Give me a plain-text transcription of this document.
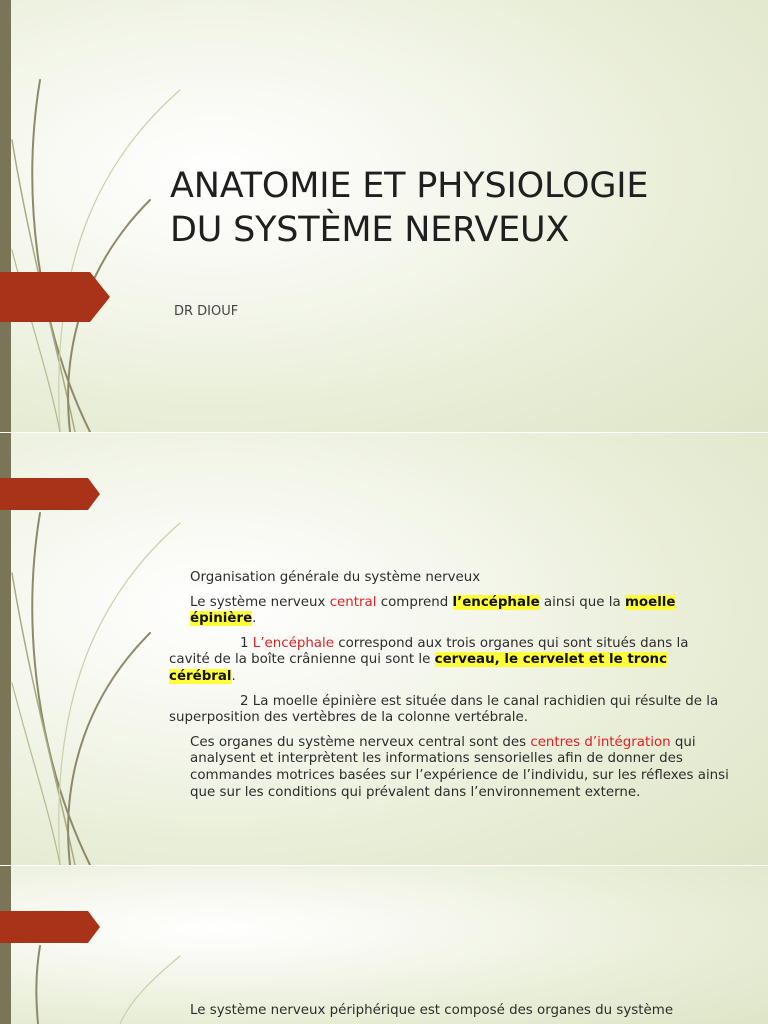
ANATOMIE ET PHYSIOLOGIE
DU SYSTÈME NERVEUX

DR DIOUF

Organisation générale du système nerveux

Le système nerveux central comprend l’encéphale ainsi que la moelle épinière.

1 L’encéphale correspond aux trois organes qui sont situés dans la cavité de la boîte crânienne qui sont le cerveau, le cervelet et le tronc cérébral.

2 La moelle épinière est située dans le canal rachidien qui résulte de la superposition des vertèbres de la colonne vertébrale.

Ces organes du système nerveux central sont des centres d’intégration qui analysent et interprètent les informations sensorielles afin de donner des commandes motrices basées sur l’expérience de l’individu, sur les réflexes ainsi que sur les conditions qui prévalent dans l’environnement externe.

Le système nerveux périphérique est composé des organes du système
